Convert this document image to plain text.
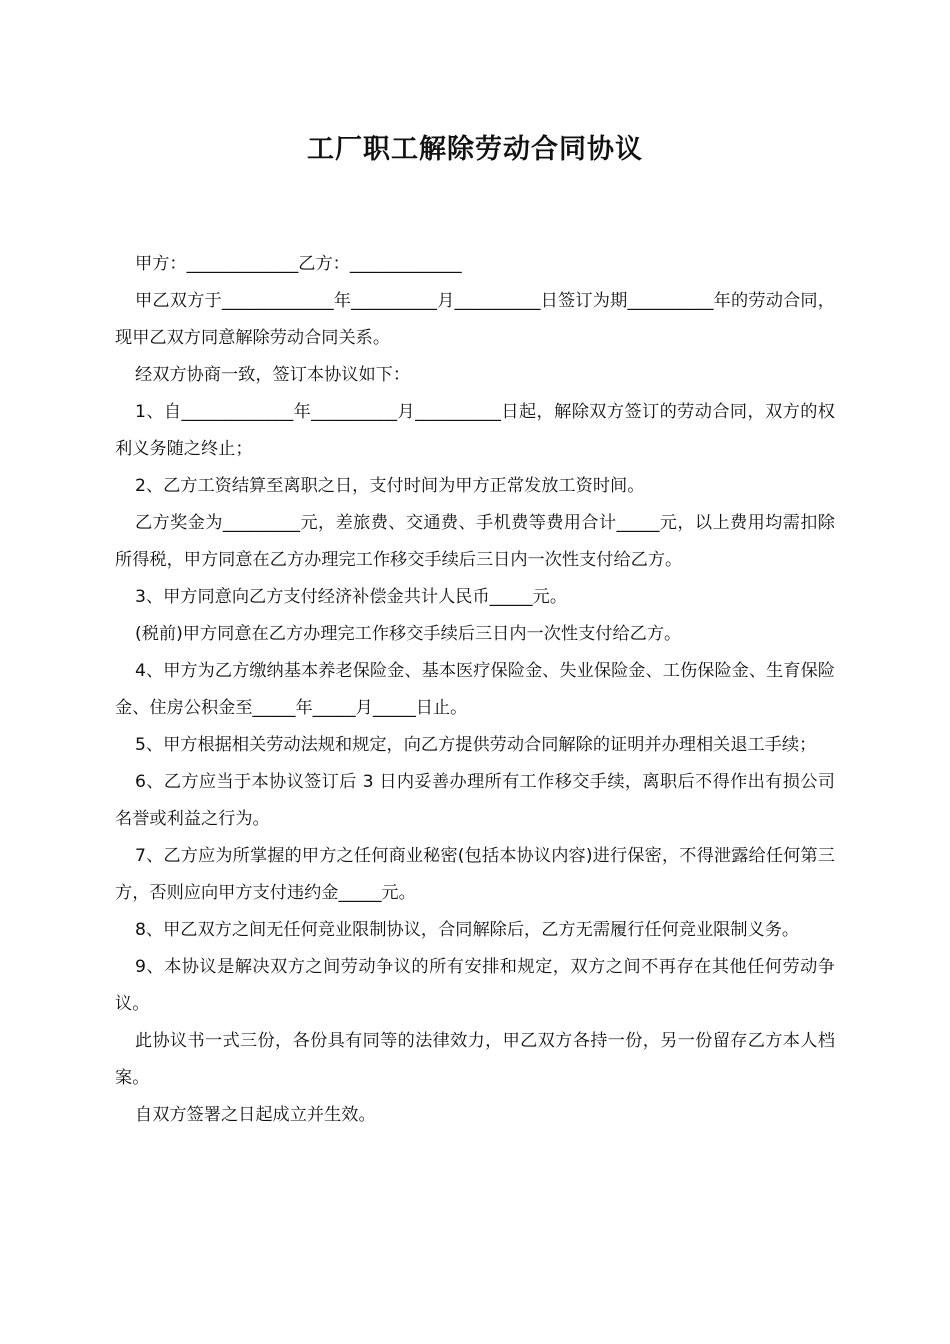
工厂职工解除劳动合同协议

甲方：_____________乙方：_____________

甲乙双方于_____________年__________月__________日签订为期__________年的劳动合同，现甲乙双方同意解除劳动合同关系。

经双方协商一致，签订本协议如下：

1、自_____________年__________月__________日起，解除双方签订的劳动合同，双方的权利义务随之终止；

2、乙方工资结算至离职之日，支付时间为甲方正常发放工资时间。

乙方奖金为_________元，差旅费、交通费、手机费等费用合计_____元，以上费用均需扣除所得税，甲方同意在乙方办理完工作移交手续后三日内一次性支付给乙方。

3、甲方同意向乙方支付经济补偿金共计人民币_____元。

(税前)甲方同意在乙方办理完工作移交手续后三日内一次性支付给乙方。

4、甲方为乙方缴纳基本养老保险金、基本医疗保险金、失业保险金、工伤保险金、生育保险金、住房公积金至_____年_____月_____日止。

5、甲方根据相关劳动法规和规定，向乙方提供劳动合同解除的证明并办理相关退工手续；

6、乙方应当于本协议签订后 3 日内妥善办理所有工作移交手续，离职后不得作出有损公司名誉或利益之行为。

7、乙方应为所掌握的甲方之任何商业秘密(包括本协议内容)进行保密，不得泄露给任何第三方，否则应向甲方支付违约金_____元。

8、甲乙双方之间无任何竞业限制协议，合同解除后，乙方无需履行任何竞业限制义务。

9、本协议是解决双方之间劳动争议的所有安排和规定，双方之间不再存在其他任何劳动争议。

此协议书一式三份，各份具有同等的法律效力，甲乙双方各持一份，另一份留存乙方本人档案。

自双方签署之日起成立并生效。
